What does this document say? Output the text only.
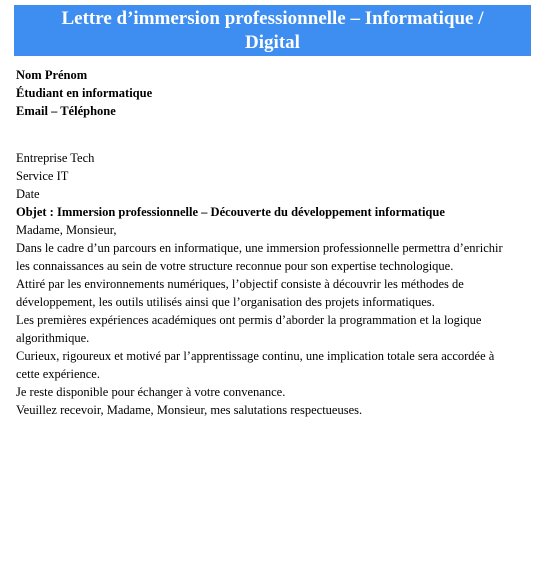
Lettre d’immersion professionnelle – Informatique /
Digital
Nom Prénom
Étudiant en informatique
Email – Téléphone

Entreprise Tech

Service IT

Date

Objet : Immersion professionnelle – Découverte du développement informatique

Madame, Monsieur,

Dans le cadre d’un parcours en informatique, une immersion professionnelle permettra d’enrichir les connaissances au sein de votre structure reconnue pour son expertise technologique.

Attiré par les environnements numériques, l’objectif consiste à découvrir les méthodes de développement, les outils utilisés ainsi que l’organisation des projets informatiques.

Les premières expériences académiques ont permis d’aborder la programmation et la logique algorithmique.

Curieux, rigoureux et motivé par l’apprentissage continu, une implication totale sera accordée à cette expérience.

Je reste disponible pour échanger à votre convenance.

Veuillez recevoir, Madame, Monsieur, mes salutations respectueuses.
